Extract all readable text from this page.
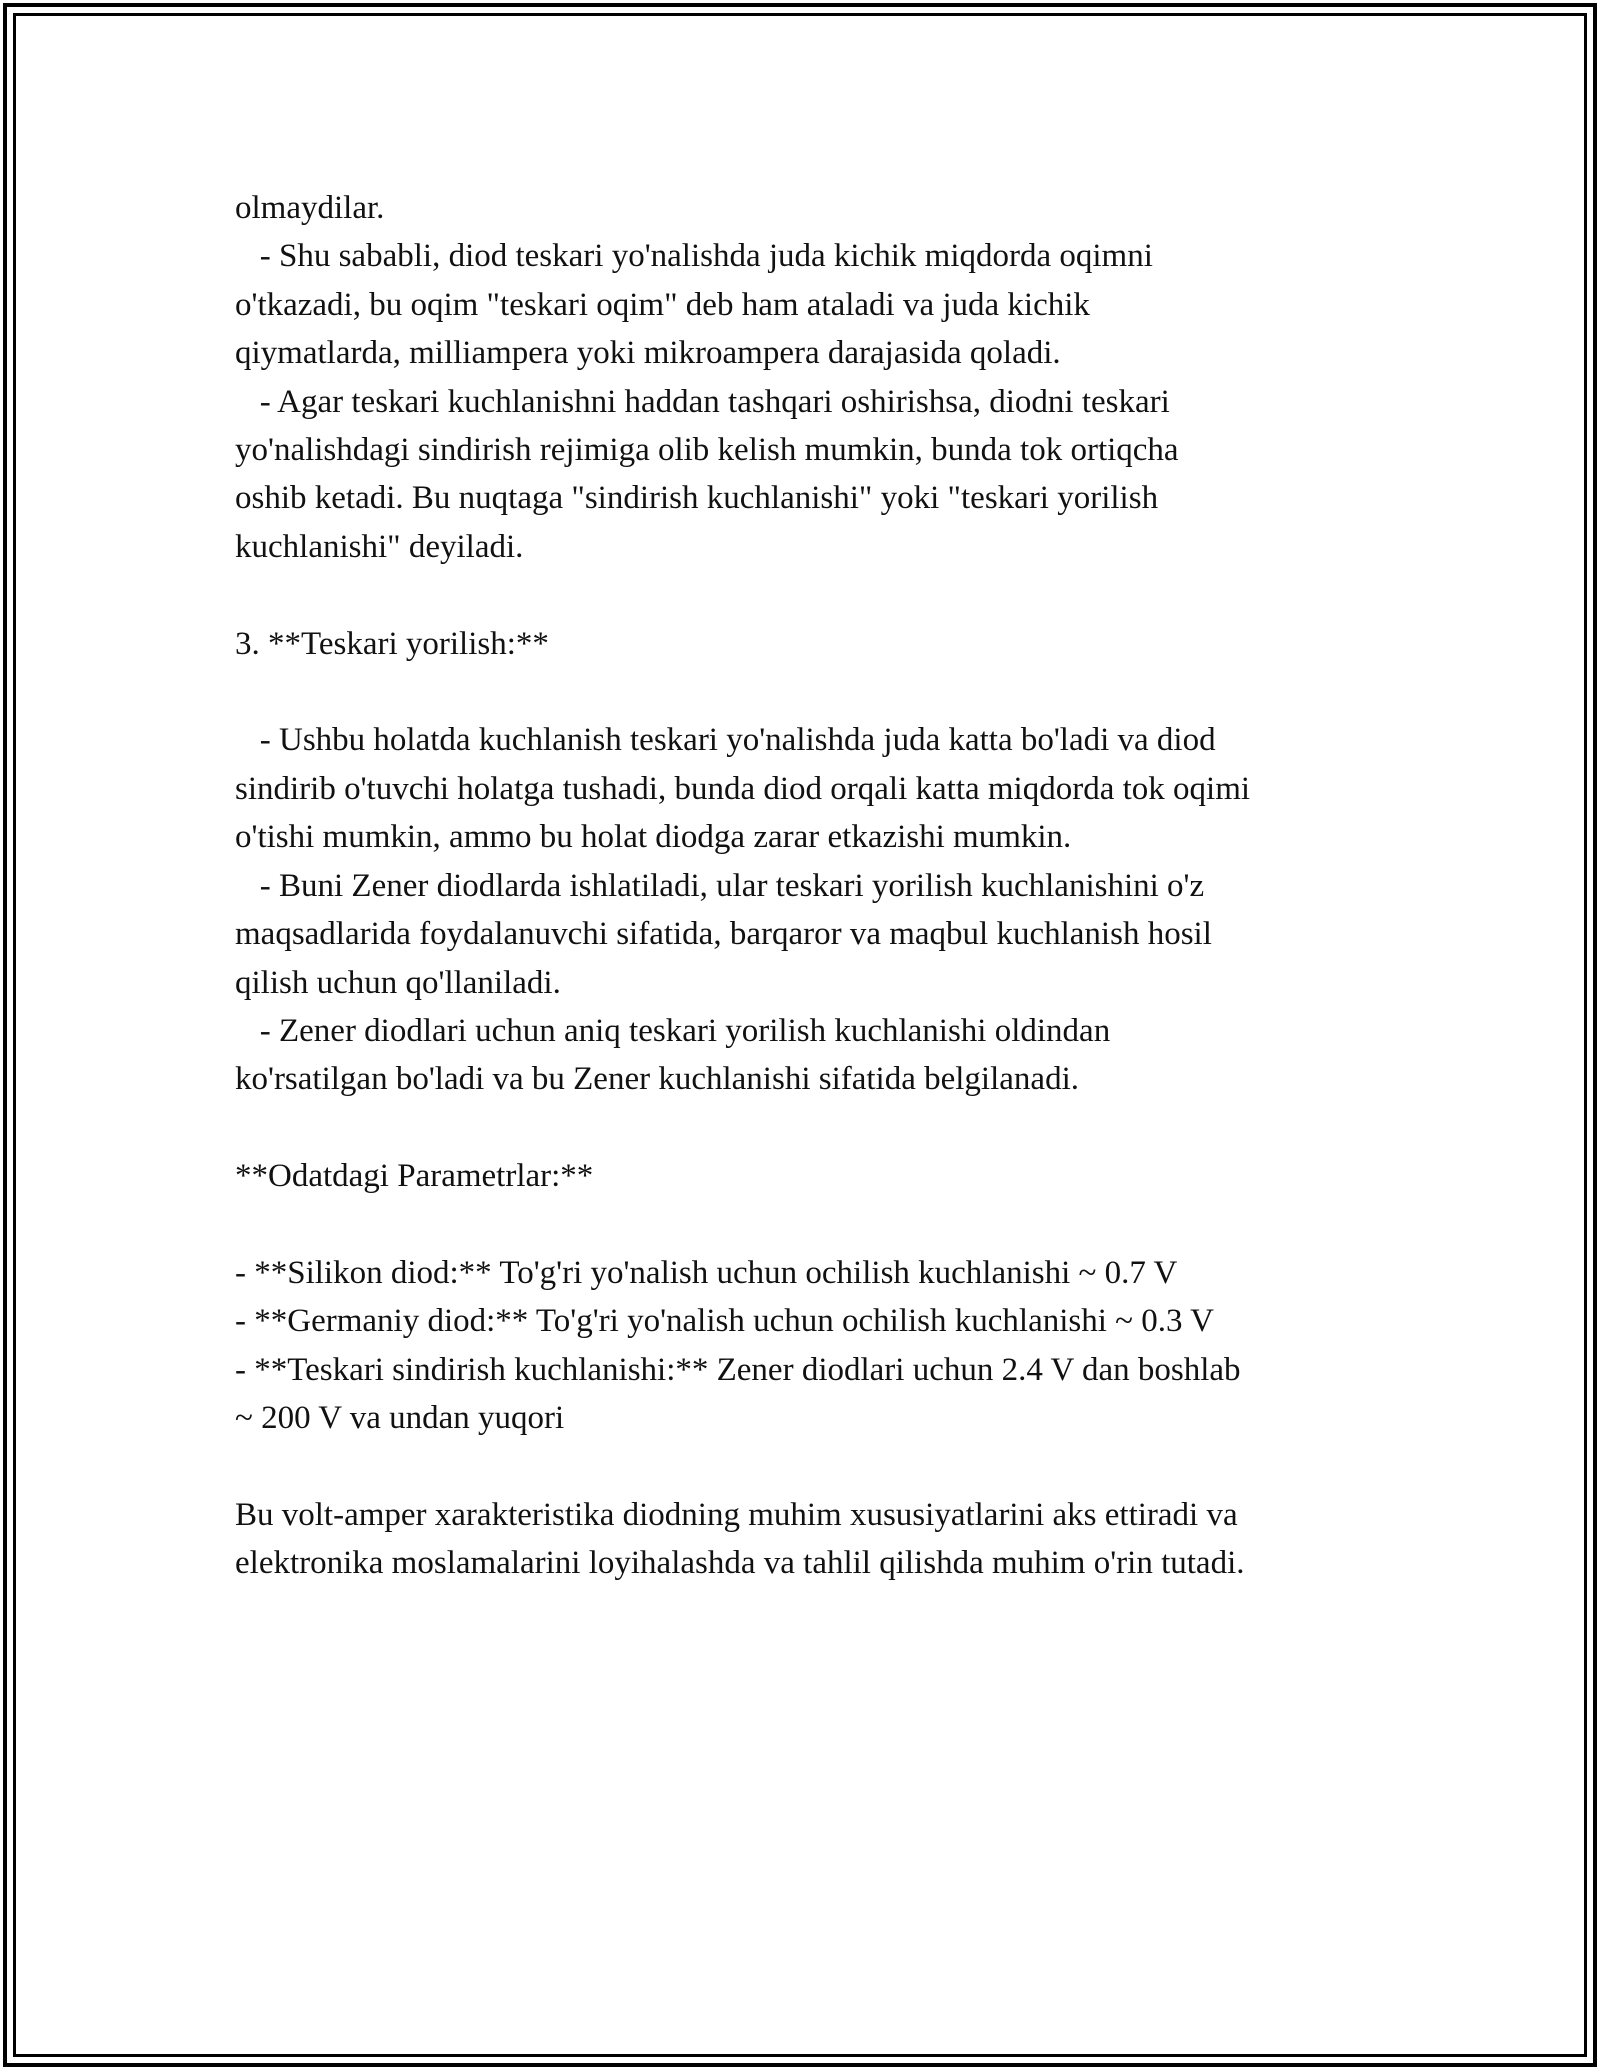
olmaydilar.

- Shu sababli, diod teskari yo'nalishda juda kichik miqdorda oqimni

o'tkazadi, bu oqim "teskari oqim" deb ham ataladi va juda kichik

qiymatlarda, milliampera yoki mikroampera darajasida qoladi.

- Agar teskari kuchlanishni haddan tashqari oshirishsa, diodni teskari

yo'nalishdagi sindirish rejimiga olib kelish mumkin, bunda tok ortiqcha

oshib ketadi. Bu nuqtaga "sindirish kuchlanishi" yoki "teskari yorilish

kuchlanishi" deyiladi.

3. **Teskari yorilish:**

- Ushbu holatda kuchlanish teskari yo'nalishda juda katta bo'ladi va diod

sindirib o'tuvchi holatga tushadi, bunda diod orqali katta miqdorda tok oqimi

o'tishi mumkin, ammo bu holat diodga zarar etkazishi mumkin.

- Buni Zener diodlarda ishlatiladi, ular teskari yorilish kuchlanishini o'z

maqsadlarida foydalanuvchi sifatida, barqaror va maqbul kuchlanish hosil

qilish uchun qo'llaniladi.

- Zener diodlari uchun aniq teskari yorilish kuchlanishi oldindan

ko'rsatilgan bo'ladi va bu Zener kuchlanishi sifatida belgilanadi.

**Odatdagi Parametrlar:**

- **Silikon diod:** To'g'ri yo'nalish uchun ochilish kuchlanishi ~ 0.7 V

- **Germaniy diod:** To'g'ri yo'nalish uchun ochilish kuchlanishi ~ 0.3 V

- **Teskari sindirish kuchlanishi:** Zener diodlari uchun 2.4 V dan boshlab

~ 200 V va undan yuqori

Bu volt-amper xarakteristika diodning muhim xususiyatlarini aks ettiradi va

elektronika moslamalarini loyihalashda va tahlil qilishda muhim o'rin tutadi.
